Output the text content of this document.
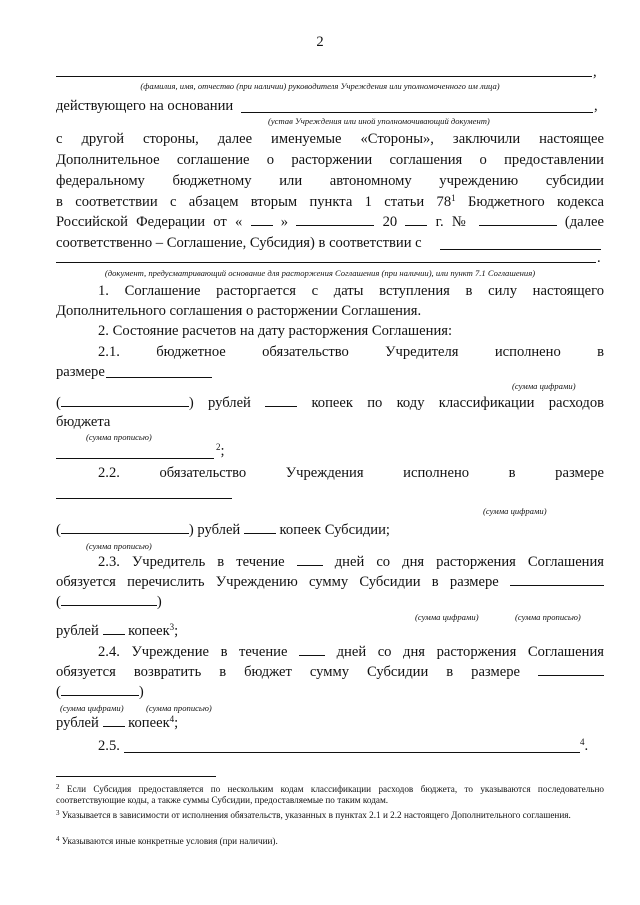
2
,
(фамилия, имя, отчество (при наличии) руководителя Учреждения или уполномоченного им лица)
действующего на основании	,
(устав Учреждения или иной уполномочивающий документ)
с другой стороны, далее именуемые «Стороны», заключили настоящее
Дополнительное соглашение о расторжении соглашения о предоставлении
федеральному бюджетному или автономному учреждению субсидии
в соответствии с абзацем вторым пункта 1 статьи $78^1$ Бюджетного кодекса
Российской Федерации от «	»	20	г. №	(далее
соответственно – Соглашение, Субсидия) в соответствии с
.
(документ, предусматривающий основание для расторжения Соглашения (при наличии), или пункт 7.1 Соглашения)
1. Соглашение расторгается с даты вступления в силу настоящего
Дополнительного соглашения о расторжении Соглашения.
2. Состояние расчетов на дату расторжения Соглашения:
2.1. бюджетное обязательство Учредителя исполнено в
размере
(сумма цифрами)
(	) рублей	копеек по коду классификации расходов
бюджета
(сумма прописью)
$^2$;
2.2. обязательство Учреждения исполнено в размере
(сумма цифрами)
(	) рублей	копеек Субсидии;
(сумма прописью)
2.3. Учредитель в течение	дней со дня расторжения Соглашения
обязуется перечислить Учреждению сумму Субсидии в размере
(	)
(сумма цифрами)	(сумма прописью)
рублей копеек$^3$;
2.4. Учреждение в течение	дней со дня расторжения Соглашения
обязуется возвратить в бюджет сумму Субсидии в размере
(	)
(сумма цифрами)	(сумма прописью)
рублей копеек$^4$;
2.5.	$^4$.
$^2$ Если Субсидия предоставляется по нескольким кодам классификации расходов бюджета, то указываются последовательно соответствующие коды, а также суммы Субсидии, предоставляемые по таким кодам.
$^3$ Указывается в зависимости от исполнения обязательств, указанных в пунктах 2.1 и 2.2 настоящего Дополнительного соглашения.
$^4$ Указываются иные конкретные условия (при наличии).
